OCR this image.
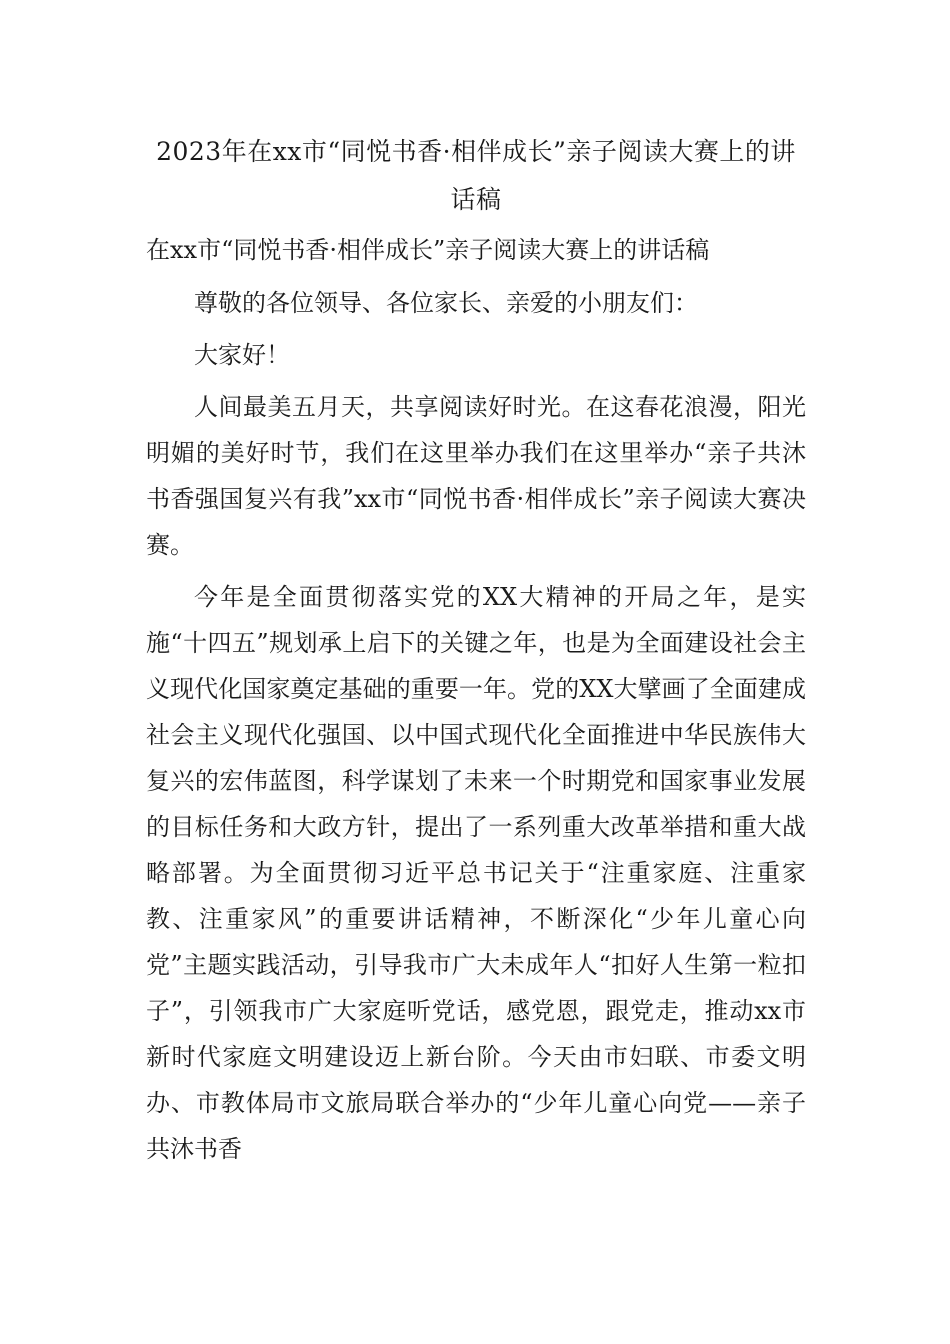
2023年在xx市“同悦书香·相伴成长”亲子阅读大赛上的讲话稿

在xx市“同悦书香·相伴成长”亲子阅读大赛上的讲话稿

尊敬的各位领导、各位家长、亲爱的小朋友们：

大家好！

人间最美五月天，共享阅读好时光。在这春花浪漫，阳光明媚的美好时节，我们在这里举办我们在这里举办“亲子共沐书香强国复兴有我”xx市“同悦书香·相伴成长”亲子阅读大赛决赛。

今年是全面贯彻落实党的XX大精神的开局之年，是实施“十四五”规划承上启下的关键之年，也是为全面建设社会主义现代化国家奠定基础的重要一年。党的XX大擘画了全面建成社会主义现代化强国、以中国式现代化全面推进中华民族伟大复兴的宏伟蓝图，科学谋划了未来一个时期党和国家事业发展的目标任务和大政方针，提出了一系列重大改革举措和重大战略部署。为全面贯彻习近平总书记关于“注重家庭、注重家教、注重家风”的重要讲话精神，不断深化“少年儿童心向党”主题实践活动，引导我市广大未成年人“扣好人生第一粒扣子”，引领我市广大家庭听党话，感党恩，跟党走，推动xx市新时代家庭文明建设迈上新台阶。今天由市妇联、市委文明办、市教体局市文旅局联合举办的“少年儿童心向党——亲子共沐书香
